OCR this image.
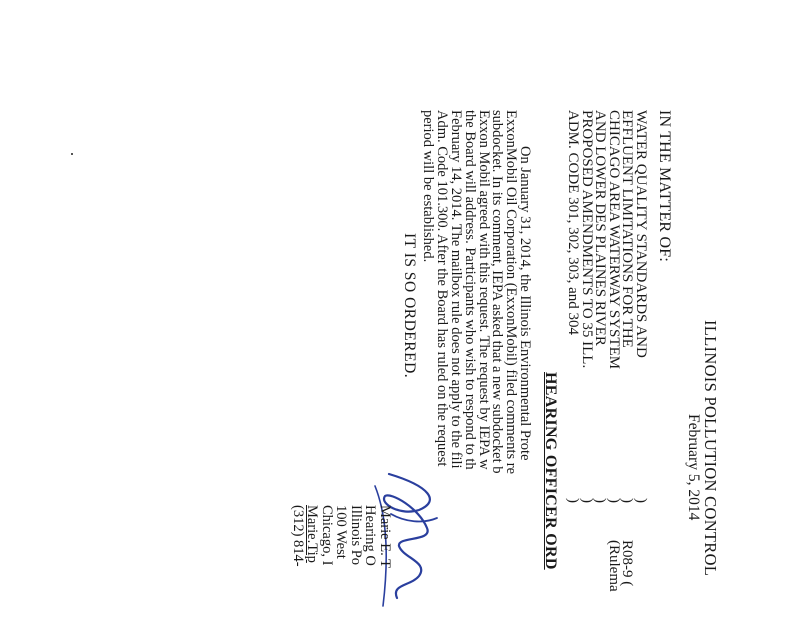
ILLINOIS POLLUTION CONTROL
February 5, 2014
IN THE MATTER OF:
WATER QUALITY STANDARDS AND
EFFLUENT LIMITATIONS FOR THE
CHICAGO AREA WATERWAY SYSTEM
AND LOWER DES PLAINES RIVER
PROPOSED AMENDMENTS TO 35 ILL.
ADM. CODE 301, 302, 303, and 304
)
)
)
)
)
)
R08-9 (
(Rulema
HEARING OFFICER ORD
On January 31, 2014, the Illinois Environmental Prote
ExxonMobil Oil Corporation (ExxonMobil) filed comments re
subdocket. In its comment, IEPA asked that a new subdocket b
Exxon Mobil agreed with this request. The request by IEPA w
the Board will address. Participants who wish to respond to th
February 14, 2014. The mailbox rule does not apply to the fili
Adm. Code 101.300. After the Board has ruled on the request
period will be established.
IT IS SO ORDERED.
Marie E. T
Hearing O
Illinois Po
100 West
Chicago, I
Marie.Tip
(312) 814-
